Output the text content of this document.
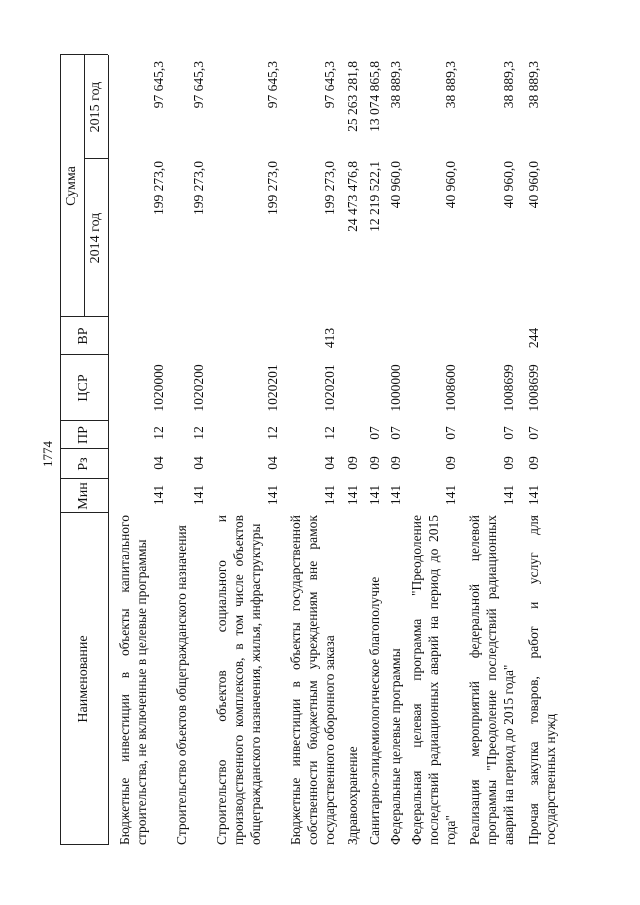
1774
Наименование
Мин
Рз
ПР
ЦСР
ВР
Сумма
2014 год
2015 год
Бюджетные инвестиции в объекты капитального строительства, не включенные в целевые программы
141
04
12
1020000
199 273,0
97 645,3
Строительство объектов общегражданского назначения
141
04
12
1020200
199 273,0
97 645,3
Строительство объектов социального и производственного комплексов, в том числе объектов общегражданского назначения, жилья, инфраструктуры
141
04
12
1020201
199 273,0
97 645,3
Бюджетные инвестиции в объекты государственной собственности бюджетным учреждениям вне рамок государственного оборонного заказа
141
04
12
1020201
413
199 273,0
97 645,3
Здравоохранение
141
09
24 473 476,8
25 263 281,8
Санитарно-эпидемиологическое благополучие
141
09
07
12 219 522,1
13 074 865,8
Федеральные целевые программы
141
09
07
1000000
40 960,0
38 889,3
Федеральная целевая программа "Преодоление последствий радиационных аварий на период до 2015 года"
141
09
07
1008600
40 960,0
38 889,3
Реализация мероприятий федеральной целевой программы "Преодоление последствий радиационных аварий на период до 2015 года"
141
09
07
1008699
40 960,0
38 889,3
Прочая закупка товаров, работ и услуг для государственных нужд
141
09
07
1008699
244
40 960,0
38 889,3
